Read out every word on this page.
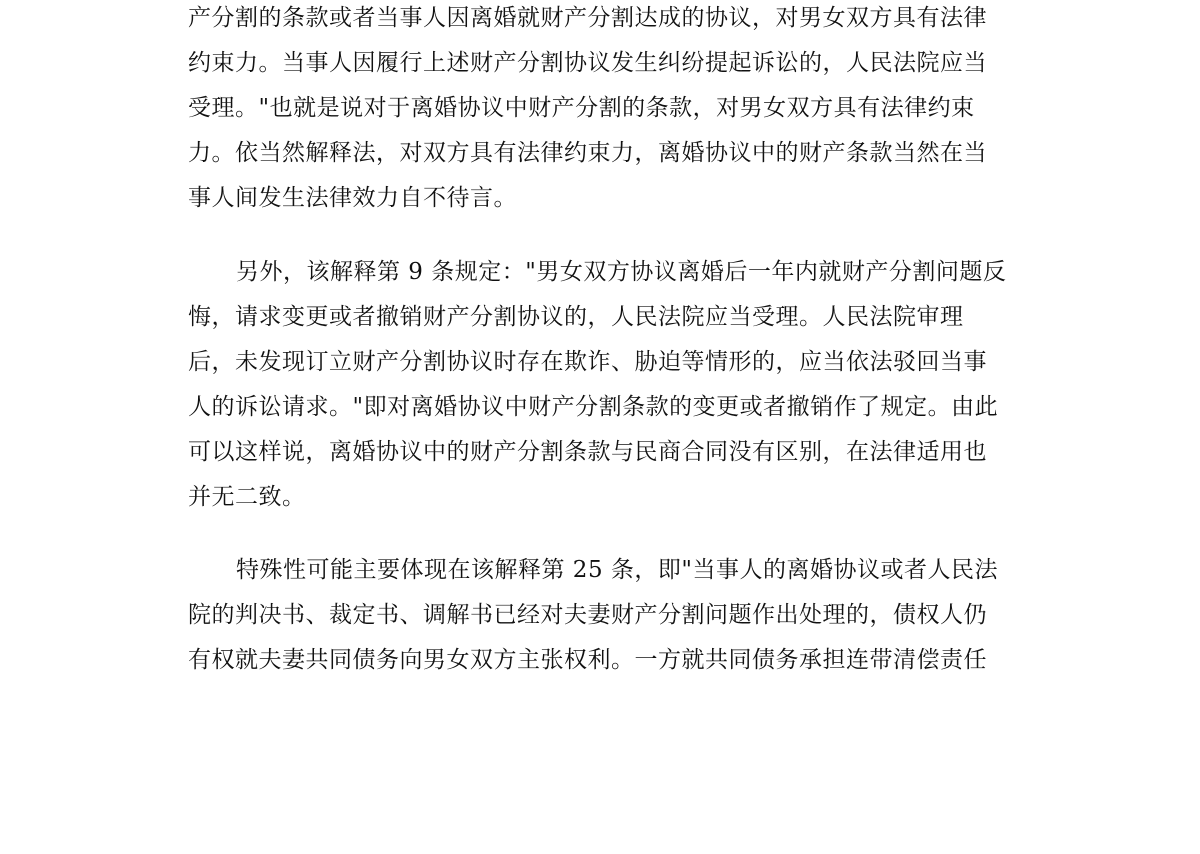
产分割的条款或者当事人因离婚就财产分割达成的协议，对男女双方具有法律
约束力。当事人因履行上述财产分割协议发生纠纷提起诉讼的，人民法院应当
受理。"也就是说对于离婚协议中财产分割的条款，对男女双方具有法律约束
力。依当然解释法，对双方具有法律约束力，离婚协议中的财产条款当然在当
事人间发生法律效力自不待言。
另外，该解释第 9 条规定："男女双方协议离婚后一年内就财产分割问题反
悔，请求变更或者撤销财产分割协议的，人民法院应当受理。人民法院审理
后，未发现订立财产分割协议时存在欺诈、胁迫等情形的，应当依法驳回当事
人的诉讼请求。"即对离婚协议中财产分割条款的变更或者撤销作了规定。由此
可以这样说，离婚协议中的财产分割条款与民商合同没有区别，在法律适用也
并无二致。
特殊性可能主要体现在该解释第 25 条，即"当事人的离婚协议或者人民法
院的判决书、裁定书、调解书已经对夫妻财产分割问题作出处理的，债权人仍
有权就夫妻共同债务向男女双方主张权利。一方就共同债务承担连带清偿责任
